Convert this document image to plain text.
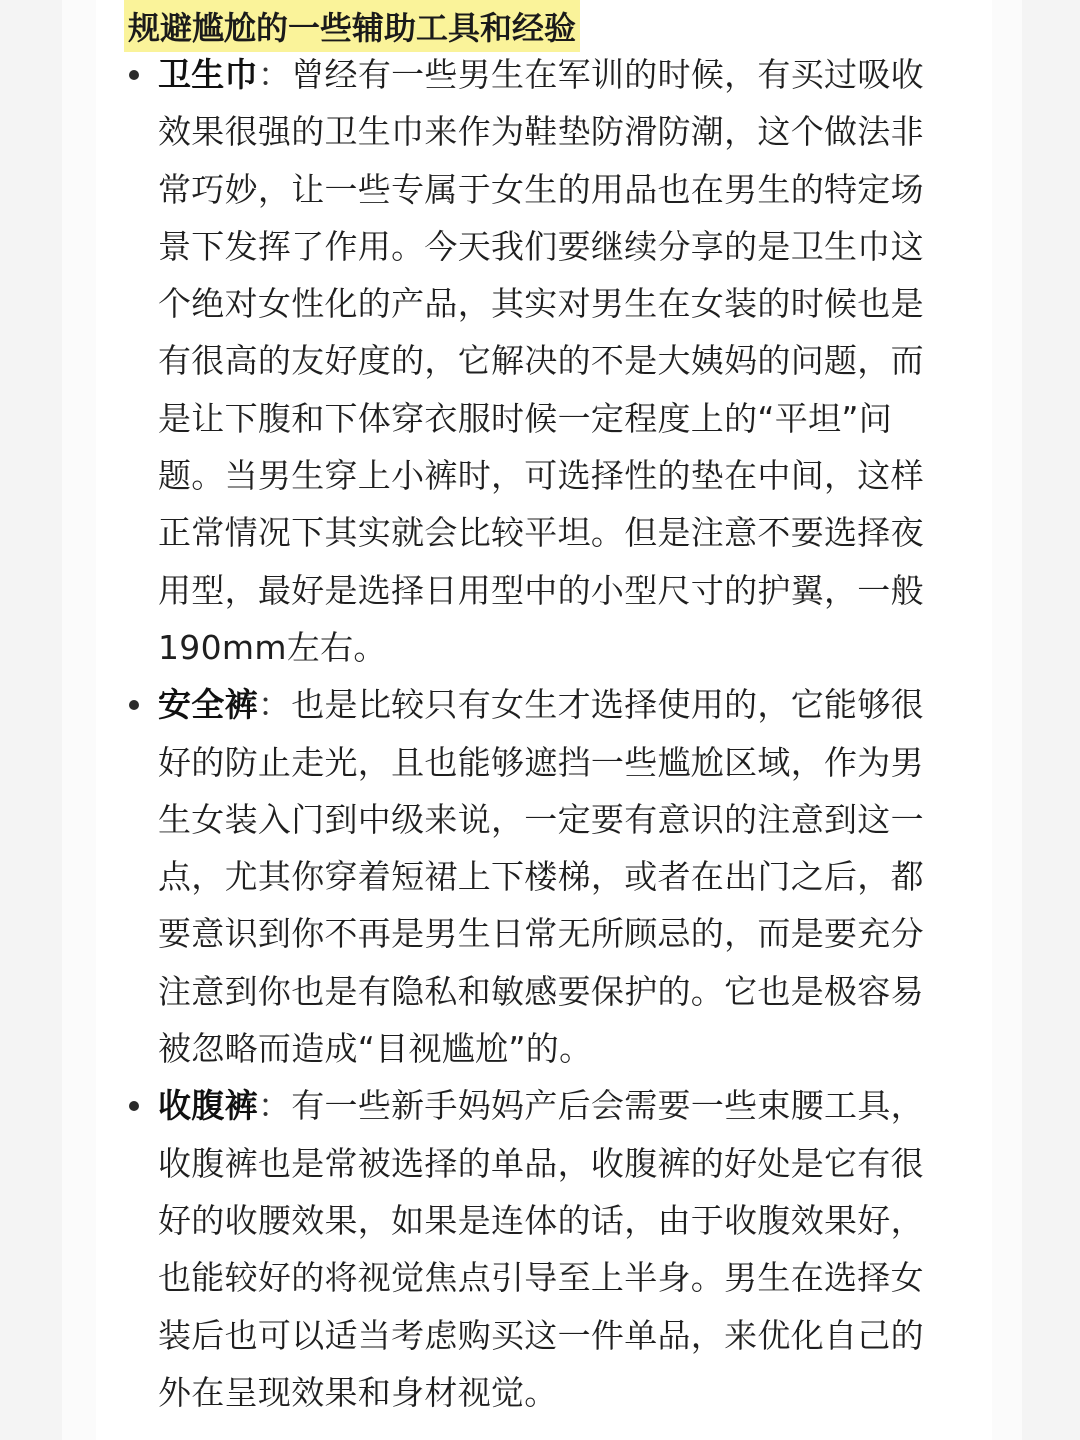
规避尴尬的一些辅助工具和经验
卫生巾：曾经有一些男生在军训的时候，有买过吸收效果很强的卫生巾来作为鞋垫防滑防潮，这个做法非常巧妙，让一些专属于女生的用品也在男生的特定场景下发挥了作用。今天我们要继续分享的是卫生巾这个绝对女性化的产品，其实对男生在女装的时候也是有很高的友好度的，它解决的不是大姨妈的问题，而是让下腹和下体穿衣服时候一定程度上的“平坦”问题。当男生穿上小裤时，可选择性的垫在中间，这样正常情况下其实就会比较平坦。但是注意不要选择夜用型，最好是选择日用型中的小型尺寸的护翼，一般190mm左右。
安全裤：也是比较只有女生才选择使用的，它能够很好的防止走光，且也能够遮挡一些尴尬区域，作为男生女装入门到中级来说，一定要有意识的注意到这一点，尤其你穿着短裙上下楼梯，或者在出门之后，都要意识到你不再是男生日常无所顾忌的，而是要充分注意到你也是有隐私和敏感要保护的。它也是极容易被忽略而造成“目视尴尬”的。
收腹裤：有一些新手妈妈产后会需要一些束腰工具，收腹裤也是常被选择的单品，收腹裤的好处是它有很好的收腰效果，如果是连体的话，由于收腹效果好，也能较好的将视觉焦点引导至上半身。男生在选择女装后也可以适当考虑购买这一件单品，来优化自己的外在呈现效果和身材视觉。
